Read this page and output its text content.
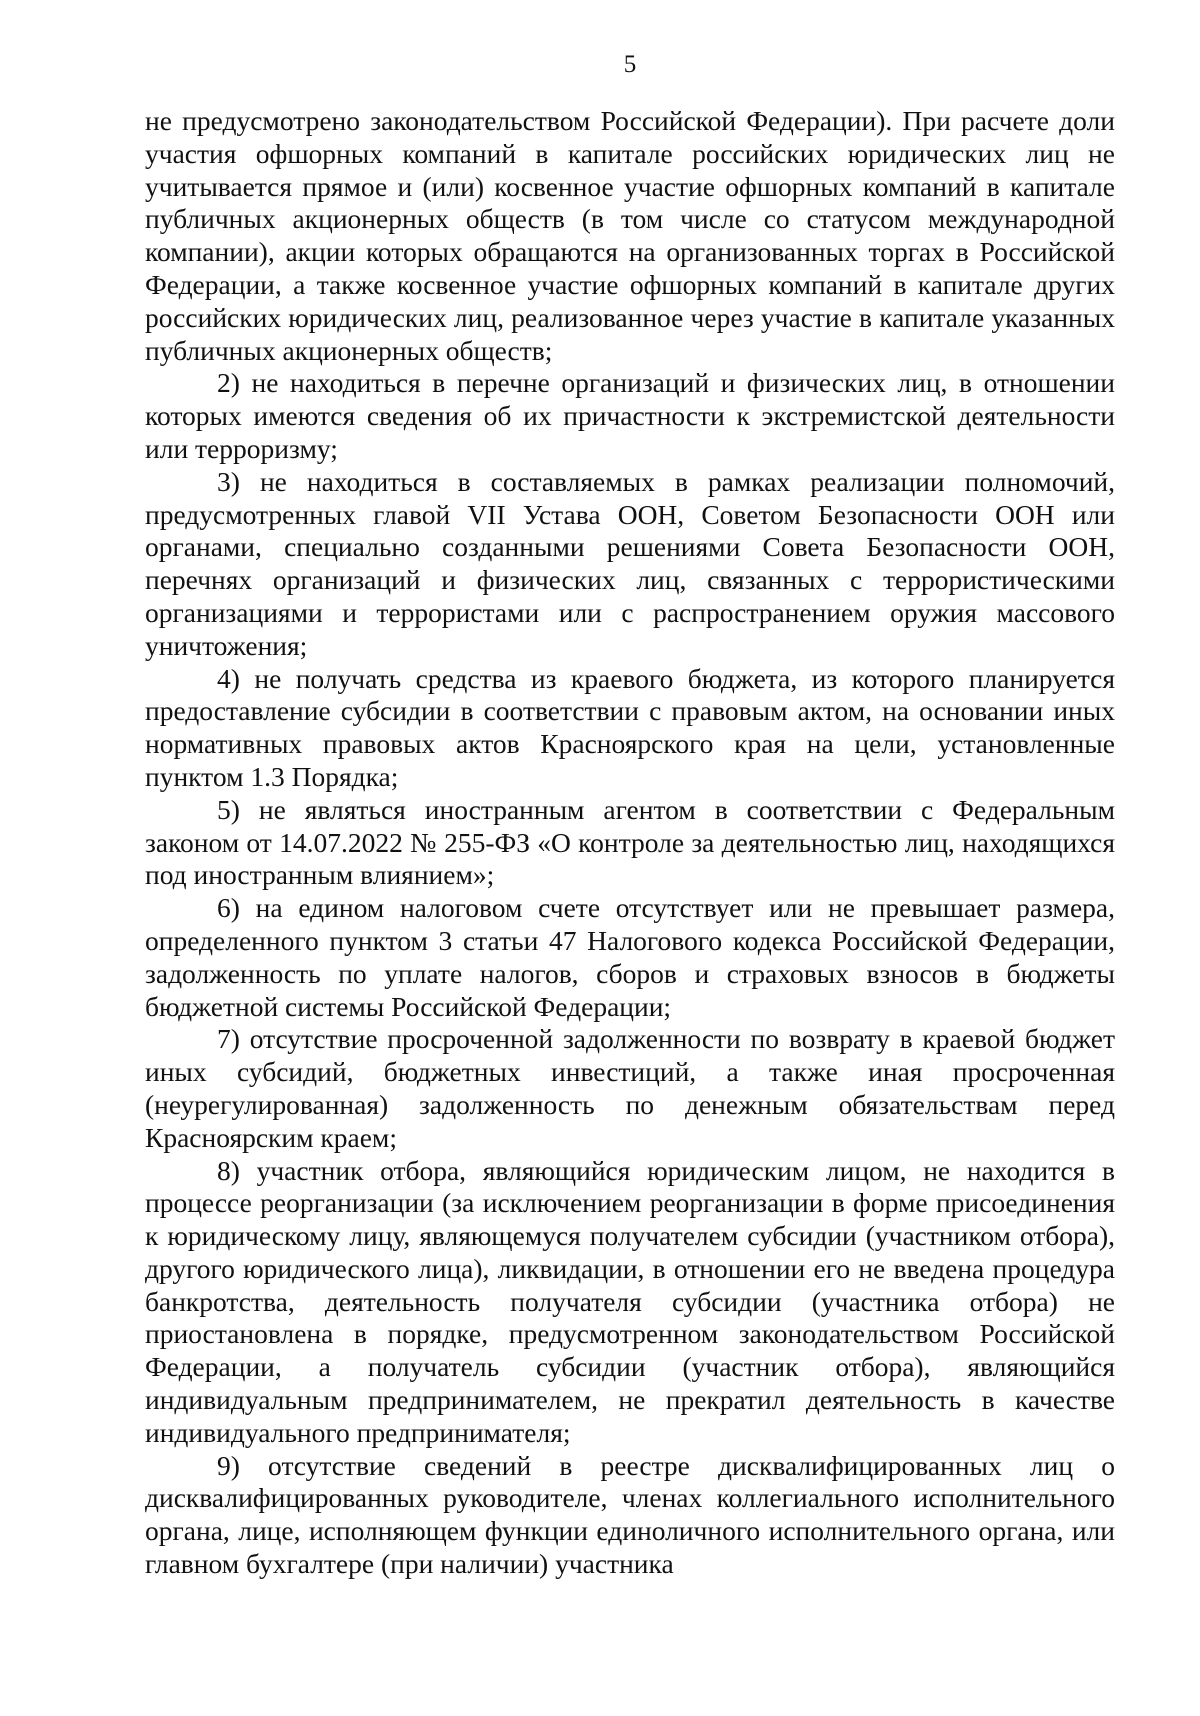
5

не предусмотрено законодательством Российской Федерации). При расчете доли участия офшорных компаний в капитале российских юридических лиц не учитывается прямое и (или) косвенное участие офшорных компаний в капитале публичных акционерных обществ (в том числе со статусом международной компании), акции которых обращаются на организованных торгах в Российской Федерации, а также косвенное участие офшорных компаний в капитале других российских юридических лиц, реализованное через участие в капитале указанных публичных акционерных обществ;

2) не находиться в перечне организаций и физических лиц, в отношении которых имеются сведения об их причастности к экстремистской деятельности или терроризму;

3) не находиться в составляемых в рамках реализации полномочий, предусмотренных главой VII Устава ООН, Советом Безопасности ООН или органами, специально созданными решениями Совета Безопасности ООН, перечнях организаций и физических лиц, связанных с террористическими организациями и террористами или с распространением оружия массового уничтожения;

4) не получать средства из краевого бюджета, из которого планируется предоставление субсидии в соответствии с правовым актом, на основании иных нормативных правовых актов Красноярского края на цели, установленные пунктом 1.3 Порядка;

5) не являться иностранным агентом в соответствии с Федеральным законом от 14.07.2022 № 255-ФЗ «О контроле за деятельностью лиц, находящихся под иностранным влиянием»;

6) на едином налоговом счете отсутствует или не превышает размера, определенного пунктом 3 статьи 47 Налогового кодекса Российской Федерации, задолженность по уплате налогов, сборов и страховых взносов в бюджеты бюджетной системы Российской Федерации;

7) отсутствие просроченной задолженности по возврату в краевой бюджет иных субсидий, бюджетных инвестиций, а также иная просроченная (неурегулированная) задолженность по денежным обязательствам перед Красноярским краем;

8) участник отбора, являющийся юридическим лицом, не находится в процессе реорганизации (за исключением реорганизации в форме присоединения к юридическому лицу, являющемуся получателем субсидии (участником отбора), другого юридического лица), ликвидации, в отношении его не введена процедура банкротства, деятельность получателя субсидии (участника отбора) не приостановлена в порядке, предусмотренном законодательством Российской Федерации, а получатель субсидии (участник отбора), являющийся индивидуальным предпринимателем, не прекратил деятельность в качестве индивидуального предпринимателя;

9) отсутствие сведений в реестре дисквалифицированных лиц о дисквалифицированных руководителе, членах коллегиального исполнительного органа, лице, исполняющем функции единоличного исполнительного органа, или главном бухгалтере (при наличии) участника
